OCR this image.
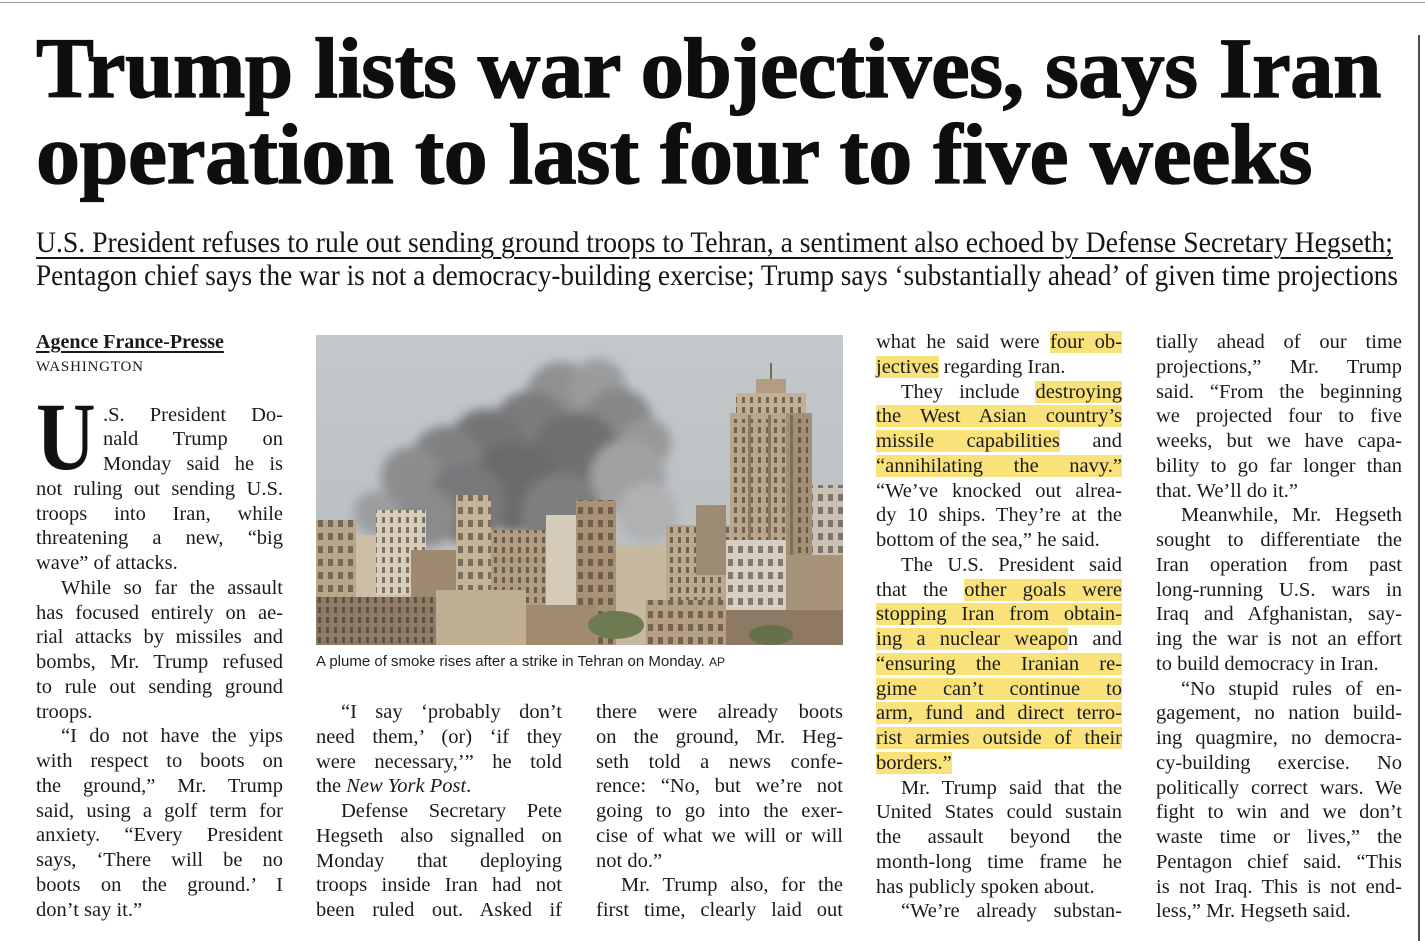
Trump lists war objectives, says Iran
operation to last four to five weeks
U.S. President refuses to rule out sending ground troops to Tehran, a sentiment also echoed by Defense Secretary Hegseth;
Pentagon chief says the war is not a democracy-building exercise; Trump says ‘substantially ahead’ of given time projections
Agence France-Presse
WASHINGTON
U .S. President Do-
nald Trump on
Monday said he is
not ruling out sending U.S.
troops into Iran, while
threatening a new, “big
wave” of attacks.
While so far the assault
has focused entirely on ae-
rial attacks by missiles and
bombs, Mr. Trump refused
to rule out sending ground
troops.
“I do not have the yips
with respect to boots on
the ground,” Mr. Trump
said, using a golf term for
anxiety. “Every President
says, ‘There will be no
boots on the ground.’ I
don’t say it.”
A plume of smoke rises after a strike in Tehran on Monday. AP
“I say ‘probably don’t
need them,’ (or) ‘if they
were necessary,’” he told
the New York Post.
Defense Secretary Pete
Hegseth also signalled on
Monday that deploying
troops inside Iran had not
been ruled out. Asked if
there were already boots
on the ground, Mr. Heg-
seth told a news confe-
rence: “No, but we’re not
going to go into the exer-
cise of what we will or will
not do.”
Mr. Trump also, for the
first time, clearly laid out
what he said were four ob-
jectives regarding Iran.
They include destroying
the West Asian country’s
missile capabilities and
“annihilating the navy.”
“We’ve knocked out alrea-
dy 10 ships. They’re at the
bottom of the sea,” he said.
The U.S. President said
that the other goals were
stopping Iran from obtain-
ing a nuclear weapon and
“ensuring the Iranian re-
gime can’t continue to
arm, fund and direct terro-
rist armies outside of their
borders.”
Mr. Trump said that the
United States could sustain
the assault beyond the
month-long time frame he
has publicly spoken about.
“We’re already substan-
tially ahead of our time
projections,” Mr. Trump
said. “From the beginning
we projected four to five
weeks, but we have capa-
bility to go far longer than
that. We’ll do it.”
Meanwhile, Mr. Hegseth
sought to differentiate the
Iran operation from past
long-running U.S. wars in
Iraq and Afghanistan, say-
ing the war is not an effort
to build democracy in Iran.
“No stupid rules of en-
gagement, no nation build-
ing quagmire, no democra-
cy-building exercise. No
politically correct wars. We
fight to win and we don’t
waste time or lives,” the
Pentagon chief said. “This
is not Iraq. This is not end-
less,” Mr. Hegseth said.
